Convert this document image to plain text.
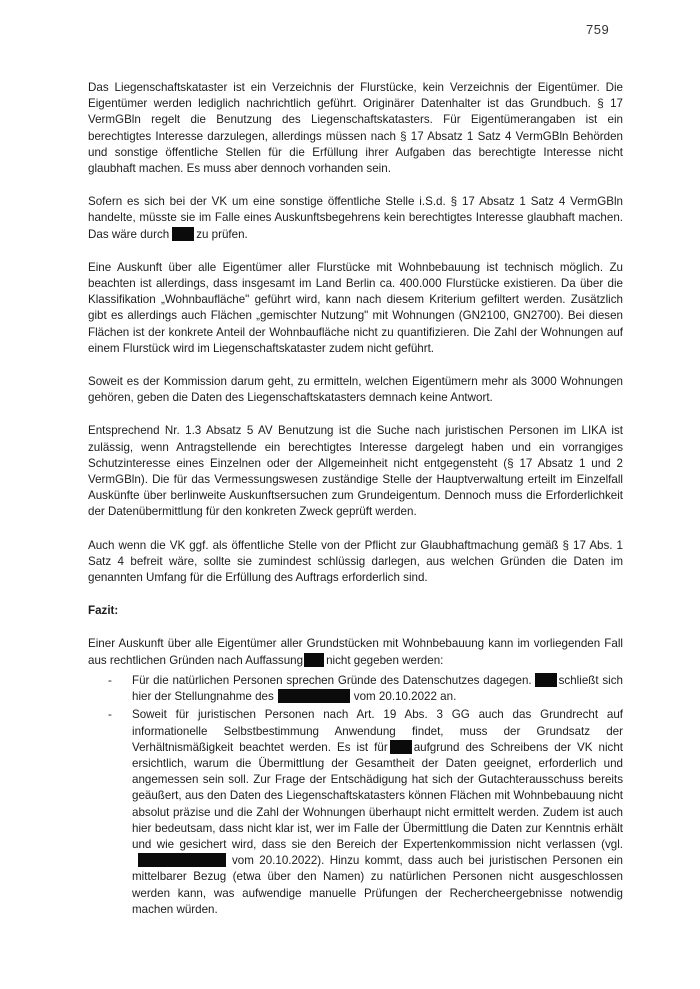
759

Das Liegenschaftskataster ist ein Verzeichnis der Flurstücke, kein Verzeichnis der Eigentümer. Die Eigentümer werden lediglich nachrichtlich geführt. Originärer Datenhalter ist das Grundbuch. § 17 VermGBln regelt die Benutzung des Liegenschaftskatasters. Für Eigentümerangaben ist ein berechtigtes Interesse darzulegen, allerdings müssen nach § 17 Absatz 1 Satz 4 VermGBln Behörden und sonstige öffentliche Stellen für die Erfüllung ihrer Aufgaben das berechtigte Interesse nicht glaubhaft machen. Es muss aber dennoch vorhanden sein.

Sofern es sich bei der VK um eine sonstige öffentliche Stelle i.S.d. § 17 Absatz 1 Satz 4 VermGBln handelte, müsste sie im Falle eines Auskunftsbegehrens kein berechtigtes Interesse glaubhaft machen. Das wäre durch zu prüfen.

Eine Auskunft über alle Eigentümer aller Flurstücke mit Wohnbebauung ist technisch möglich. Zu beachten ist allerdings, dass insgesamt im Land Berlin ca. 400.000 Flurstücke existieren. Da über die Klassifikation „Wohnbaufläche" geführt wird, kann nach diesem Kriterium gefiltert werden. Zusätzlich gibt es allerdings auch Flächen „gemischter Nutzung" mit Wohnungen (GN2100, GN2700). Bei diesen Flächen ist der konkrete Anteil der Wohnbaufläche nicht zu quantifizieren. Die Zahl der Wohnungen auf einem Flurstück wird im Liegenschaftskataster zudem nicht geführt.

Soweit es der Kommission darum geht, zu ermitteln, welchen Eigentümern mehr als 3000 Wohnungen gehören, geben die Daten des Liegenschaftskatasters demnach keine Antwort.

Entsprechend Nr. 1.3 Absatz 5 AV Benutzung ist die Suche nach juristischen Personen im LIKA ist zulässig, wenn Antragstellende ein berechtigtes Interesse dargelegt haben und ein vorrangiges Schutzinteresse eines Einzelnen oder der Allgemeinheit nicht entgegensteht (§ 17 Absatz 1 und 2 VermGBln). Die für das Vermessungswesen zuständige Stelle der Hauptverwaltung erteilt im Einzelfall Auskünfte über berlinweite Auskunftsersuchen zum Grundeigentum. Dennoch muss die Erforderlichkeit der Datenübermittlung für den konkreten Zweck geprüft werden.

Auch wenn die VK ggf. als öffentliche Stelle von der Pflicht zur Glaubhaftmachung gemäß § 17 Abs. 1 Satz 4 befreit wäre, sollte sie zumindest schlüssig darlegen, aus welchen Gründen die Daten im genannten Umfang für die Erfüllung des Auftrags erforderlich sind.

Fazit:

Einer Auskunft über alle Eigentümer aller Grundstücken mit Wohnbebauung kann im vorliegenden Fall aus rechtlichen Gründen nach Auffassung nicht gegeben werden:

- Für die natürlichen Personen sprechen Gründe des Datenschutzes dagegen. schließt sich hier der Stellungnahme des	vom 20.10.2022 an.
- Soweit für juristischen Personen nach Art. 19 Abs. 3 GG auch das Grundrecht auf informationelle Selbstbestimmung Anwendung findet, muss der Grundsatz der Verhältnismäßigkeit beachtet werden. Es ist für aufgrund des Schreibens der VK nicht ersichtlich, warum die Übermittlung der Gesamtheit der Daten geeignet, erforderlich und angemessen sein soll. Zur Frage der Entschädigung hat sich der Gutachterausschuss bereits geäußert, aus den Daten des Liegenschaftskatasters können Flächen mit Wohnbebauung nicht absolut präzise und die Zahl der Wohnungen überhaupt nicht ermittelt werden. Zudem ist auch hier bedeutsam, dass nicht klar ist, wer im Falle der Übermittlung die Daten zur Kenntnis erhält und wie gesichert wird, dass sie den Bereich der Expertenkommission nicht verlassen (vgl.vom 20.10.2022). Hinzu kommt, dass auch bei juristischen Personen ein mittelbarer Bezug (etwa über den Namen) zu natürlichen Personen nicht ausgeschlossen werden kann, was aufwendige manuelle Prüfungen der Rechercheergebnisse notwendig machen würden.
